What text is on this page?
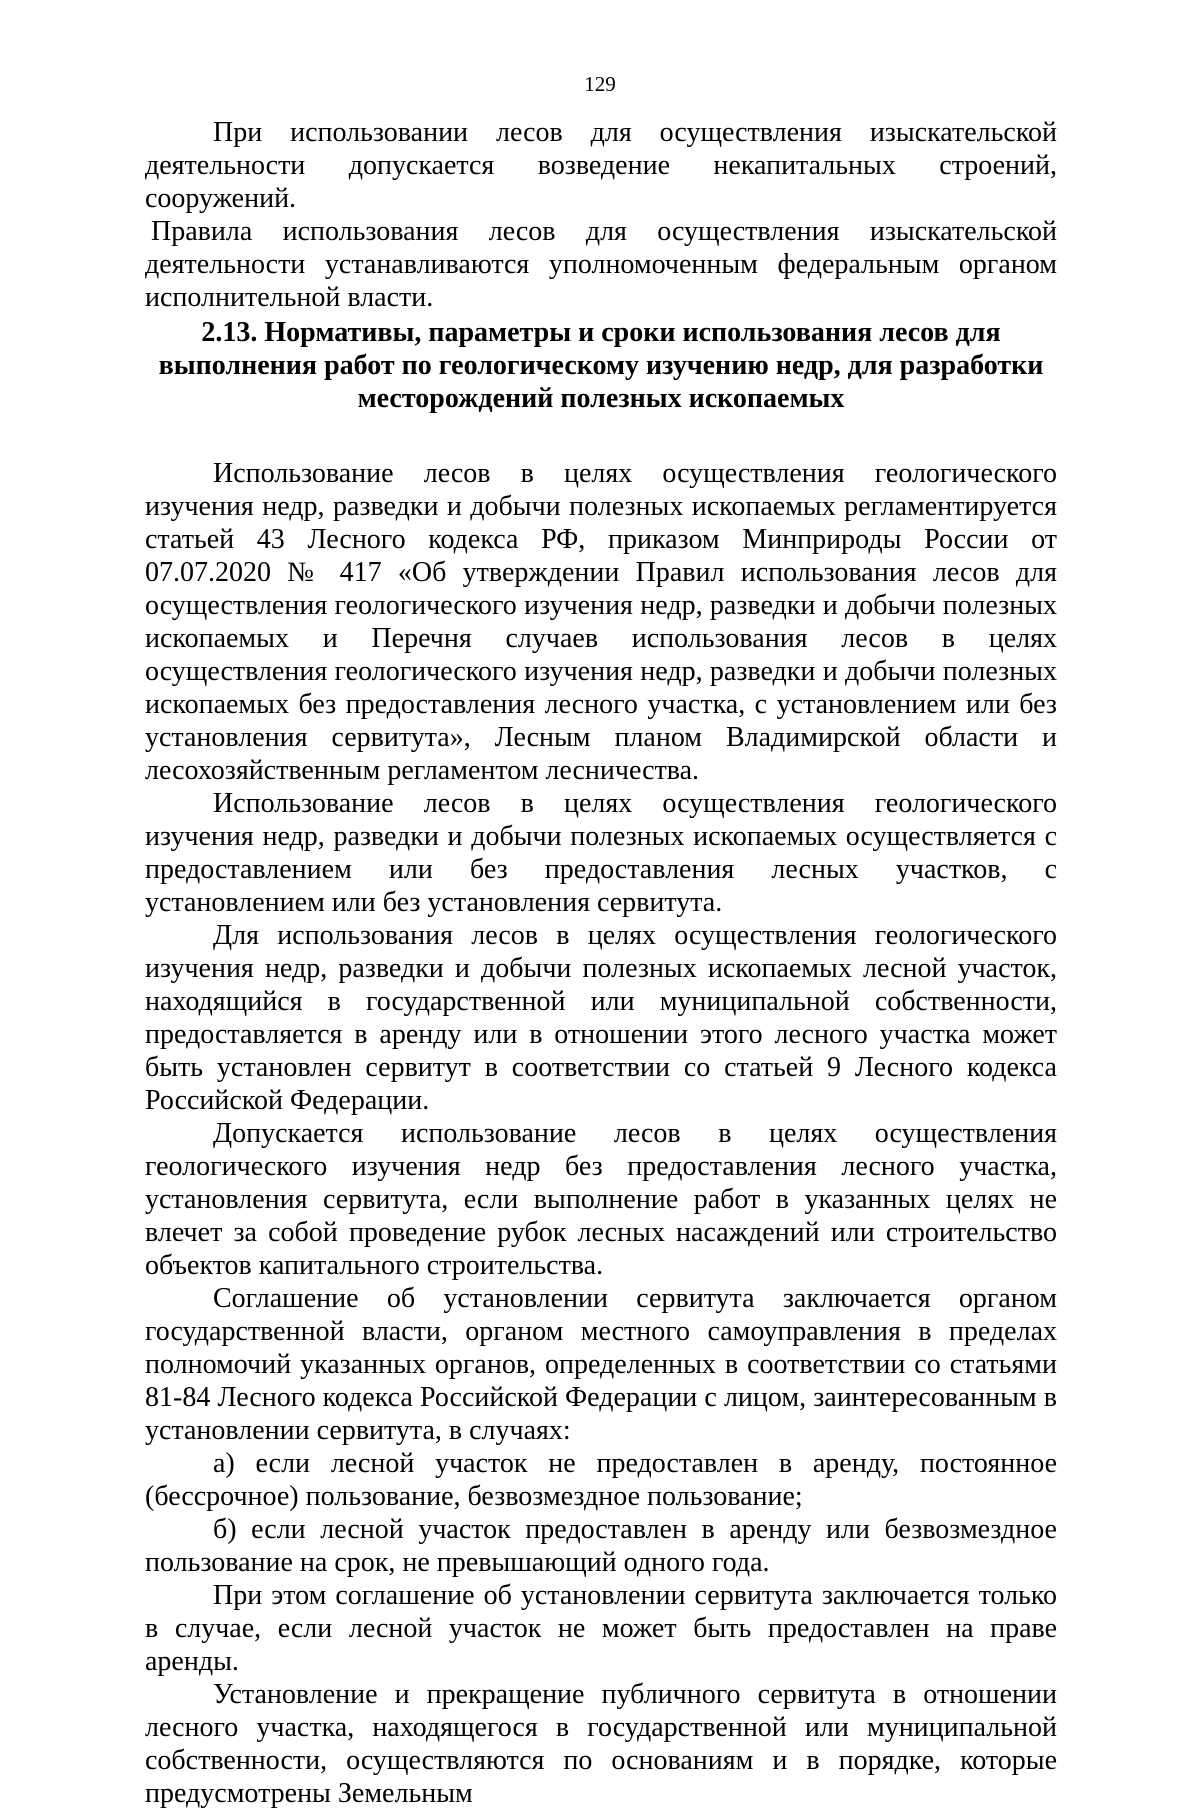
129

При использовании лесов для осуществления изыскательской деятельности допускается возведение некапитальных строений, сооружений.

Правила использования лесов для осуществления изыскательской деятельности устанавливаются уполномоченным федеральным органом исполнительной власти.

2.13. Нормативы, параметры и сроки использования лесов для
выполнения работ по геологическому изучению недр, для разработки
месторождений полезных ископаемых

Использование лесов в целях осуществления геологического изучения недр, разведки и добычи полезных ископаемых регламентируется статьей 43 Лесного кодекса РФ, приказом Минприроды России от 07.07.2020 № 417 «Об утверждении Правил использования лесов для осуществления геологического изучения недр, разведки и добычи полезных ископаемых и Перечня случаев использования лесов в целях осуществления геологического изучения недр, разведки и добычи полезных ископаемых без предоставления лесного участка, с установлением или без установления сервитута», Лесным планом Владимирской области и лесохозяйственным регламентом лесничества.

Использование лесов в целях осуществления геологического изучения недр, разведки и добычи полезных ископаемых осуществляется с предоставлением или без предоставления лесных участков, с установлением или без установления сервитута.

Для использования лесов в целях осуществления геологического изучения недр, разведки и добычи полезных ископаемых лесной участок, находящийся в государственной или муниципальной собственности, предоставляется в аренду или в отношении этого лесного участка может быть установлен сервитут в соответствии со статьей 9 Лесного кодекса Российской Федерации.

Допускается использование лесов в целях осуществления геологического изучения недр без предоставления лесного участка, установления сервитута, если выполнение работ в указанных целях не влечет за собой проведение рубок лесных насаждений или строительство объектов капитального строительства.

Соглашение об установлении сервитута заключается органом государственной власти, органом местного самоуправления в пределах полномочий указанных органов, определенных в соответствии со статьями 81-84 Лесного кодекса Российской Федерации с лицом, заинтересованным в установлении сервитута, в случаях:

а) если лесной участок не предоставлен в аренду, постоянное (бессрочное) пользование, безвозмездное пользование;

б) если лесной участок предоставлен в аренду или безвозмездное пользование на срок, не превышающий одного года.

При этом соглашение об установлении сервитута заключается только в случае, если лесной участок не может быть предоставлен на праве аренды.

Установление и прекращение публичного сервитута в отношении лесного участка, находящегося в государственной или муниципальной собственности, осуществляются по основаниям и в порядке, которые предусмотрены Земельным
